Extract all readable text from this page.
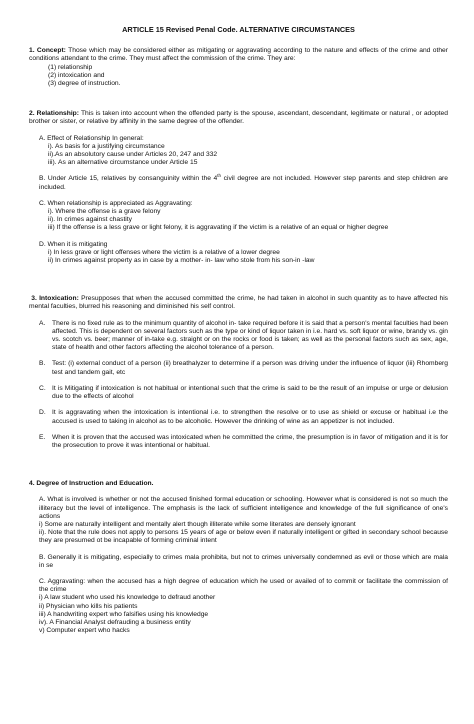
ARTICLE 15 Revised Penal Code. ALTERNATIVE CIRCUMSTANCES

1. Concept: Those which may be considered either as mitigating or aggravating according to the nature and effects of the crime and other conditions attendant to the crime. They must affect the commission of the crime. They are:

(1) relationship

(2) intoxication and

(3) degree of instruction.

2. Relationship: This is taken into account when the offended party is the spouse, ascendant, descendant, legitimate or natural , or adopted brother or sister, or relative by affinity in the same degree of the offender.

A. Effect of Relationship In general:

i). As basis for a justifying circumstance

ii).As an absolutory cause under Articles 20, 247 and 332

iii). As an alternative circumstance under Article 15

B. Under Article 15, relatives by consanguinity within the 4th civil degree are not included. However step parents and step children are included.

C. When relationship is appreciated as Aggravating:

i). Where the offense is a grave felony

ii). In crimes against chastity

iii) If the offense is a less grave or light felony, it is aggravating if the victim is a relative of an equal or higher degree

D. When it is mitigating

i) In less grave or light offenses where the victim is a relative of a lower degree

ii) In crimes against property as in case by a mother- in- law who stole from his son-in -law

3. Intoxication: Presupposes that when the accused committed the crime, he had taken in alcohol in such quantity as to have affected his mental faculties, blurred his reasoning and diminished his self control.

A. There is no fixed rule as to the minimum quantity of alcohol in- take required before it is said that a person's mental faculties had been affected. This is dependent on several factors such as the type or kind of liquor taken in i.e. hard vs. soft liquor or wine, brandy vs. gin vs. scotch vs. beer; manner of in-take e.g. straight or on the rocks or food is taken; as well as the personal factors such as sex, age, state of health and other factors affecting the alcohol tolerance of a person.
B. Test: (i) external conduct of a person (ii) breathalyzer to determine if a person was driving under the influence of liquor (iii) Rhomberg test and tandem gait, etc
C. It is Mitigating if intoxication is not habitual or intentional such that the crime is said to be the result of an impulse or urge or delusion due to the effects of alcohol
D. It is aggravating when the intoxication is intentional i.e. to strengthen the resolve or to use as shield or excuse or habitual i.e the accused is used to taking in alcohol as to be alcoholic. However the drinking of wine as an appetizer is not included.
E. When it is proven that the accused was intoxicated when he committed the crime, the presumption is in favor of mitigation and it is for the prosecution to prove it was intentional or habitual.

4. Degree of Instruction and Education.

A. What is involved is whether or not the accused finished formal education or schooling. However what is considered is not so much the illiteracy but the level of intelligence. The emphasis is the lack of sufficient intelligence and knowledge of the full significance of one's actions

i) Some are naturally intelligent and mentally alert though illiterate while some literates are densely ignorant

ii). Note that the rule does not apply to persons 15 years of age or below even if naturally intelligent or gifted in secondary school because they are presumed ot be incapable of forming criminal intent

B. Generally it is mitigating, especially to crimes mala prohibita, but not to crimes universally condemned as evil or those which are mala in se

C. Aggravating: when the accused has a high degree of education which he used or availed of to commit or facilitate the commission of the crime

i) A law student who used his knowledge to defraud another

ii) Physician who kills his patients

iii) A handwriting expert who falsifies using his knowledge

iv). A Financial Analyst defrauding a business entity

v) Computer expert who hacks
